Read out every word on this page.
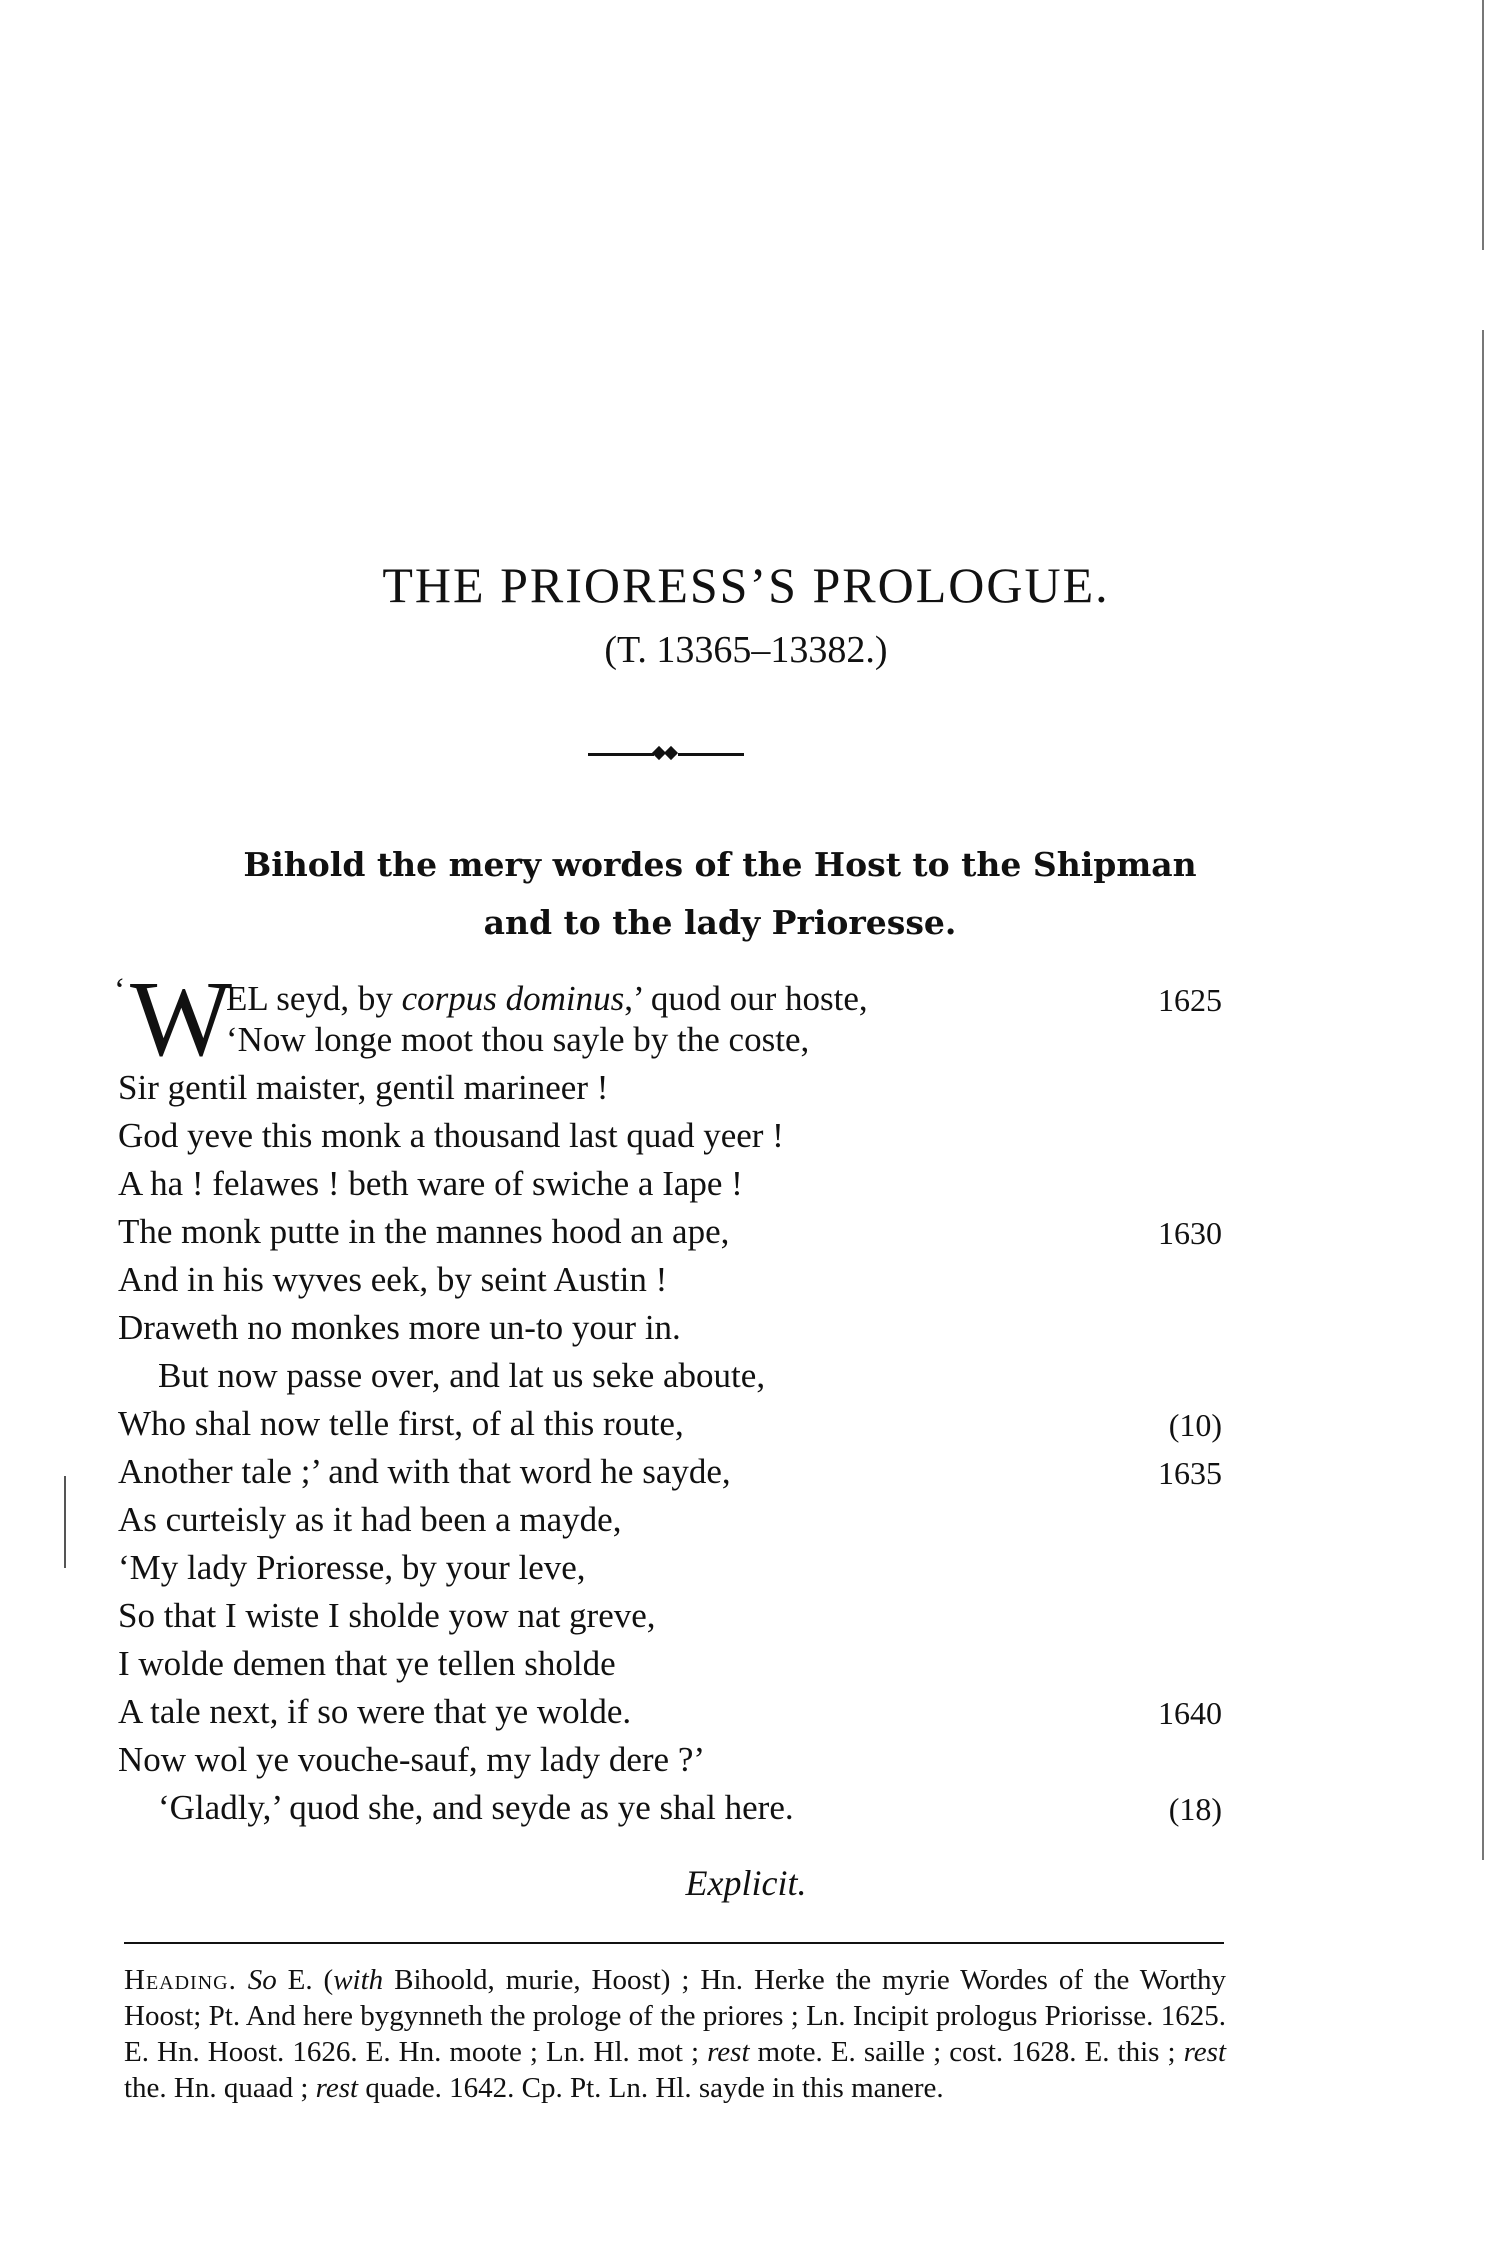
THE PRIORESS’S PROLOGUE.
(T. 13365–13382.)
Bihold the mery wordes of the Host to the Shipman
and to the lady Prioresse.
‘ W
EL seyd, by corpus dominus,’ quod our hoste,	1625
‘Now longe moot thou sayle by the coste,
Sir gentil maister, gentil marineer !
God yeve this monk a thousand last quad yeer !
A ha ! felawes ! beth ware of swiche a Iape !
The monk putte in the mannes hood an ape,	1630
And in his wyves eek, by seint Austin !
Draweth no monkes more un-to your in.
But now passe over, and lat us seke aboute,
Who shal now telle first, of al this route,	(10)
Another tale ;’ and with that word he sayde,	1635
As curteisly as it had been a mayde,
‘My lady Prioresse, by your leve,
So that I wiste I sholde yow nat greve,
I wolde demen that ye tellen sholde
A tale next, if so were that ye wolde.	1640
Now wol ye vouche-sauf, my lady dere ?’
‘Gladly,’ quod she, and seyde as ye shal here.	(18)
Explicit.
Heading. So E. (with Bihoold, murie, Hoost) ; Hn. Herke the myrie Wordes of the Worthy Hoost; Pt. And here bygynneth the prologe of the priores ; Ln. Incipit prologus Priorisse. 1625. E. Hn. Hoost. 1626. E. Hn. moote ; Ln. Hl. mot ; rest mote. E. saille ; cost. 1628. E. this ; rest the. Hn. quaad ; rest quade. 1642. Cp. Pt. Ln. Hl. sayde in this manere.
